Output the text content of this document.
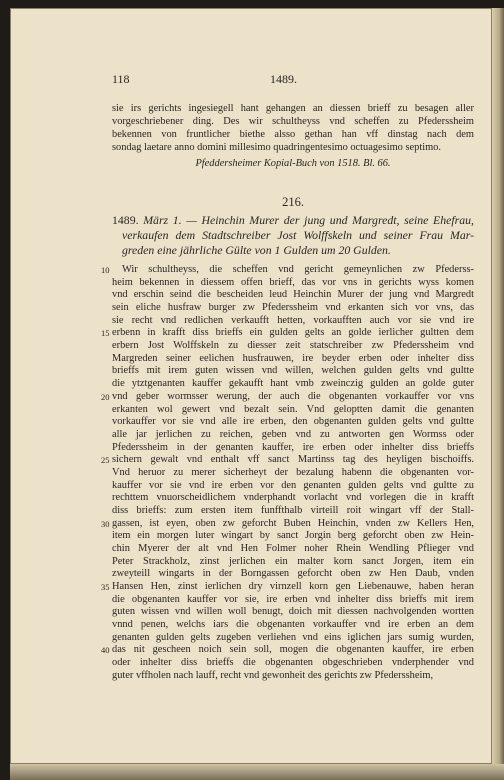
118	1489.
sie irs gerichts ingesiegell hant gehangen an diessen brieff zu besagen aller
vorgeschriebener ding. Des wir schultheyss vnd scheffen zu Pfederssheim
bekennen von fruntlicher biethe alsso gethan han vff dinstag nach dem
sondag laetare anno domini millesimo quadringentesimo octuagesimo septimo.
Pfeddersheimer Kopial-Buch von 1518. Bl. 66.
216.
1489. März 1. — Heinchin Murer der jung und Margredt, seine Ehefrau,
verkaufen dem Stadtschreiber Jost Wolffskeln und seiner Frau Mar-
greden eine jährliche Gülte von 1 Gulden um 20 Gulden.
Wir schultheyss, die scheffen vnd gericht gemeynlichen zw Pfederss-
10
heim bekennen in diessem offen brieff, das vor vns in gerichts wyss komen
vnd erschin seind die bescheiden leud Heinchin Murer der jung vnd Margredt
sein eliche husfraw burger zw Pfederssheim vnd erkanten sich vor vns, das
sie recht vnd redlichen verkaufft hetten, vorkaufften auch vor sie vnd ire
erbenn in krafft diss brieffs ein gulden gelts an golde ierlicher gultten dem
15
erbern Jost Wolffskeln zu diesser zeit statschreiber zw Pfederssheim vnd
Margreden seiner eelichen husfrauwen, ire beyder erben oder inhelter diss
brieffs mit irem guten wissen vnd willen, welchen gulden gelts vnd gultte
die ytztgenanten kauffer gekaufft hant vmb zweinczig gulden an golde guter
vnd geber wormsser werung, der auch die obgenanten vorkauffer vor vns
20
erkanten wol gewert vnd bezalt sein. Vnd geloptten damit die genanten
vorkauffer vor sie vnd alle ire erben, den obgenanten gulden gelts vnd gultte
alle jar jerlichen zu reichen, geben vnd zu antworten gen Wormss oder
Pfederssheim in der genanten kauffer, ire erben oder inhelter diss brieffs
sichern gewalt vnd enthalt vff sanct Martinss tag des heyligen bischoiffs.
25
Vnd heruor zu merer sicherheyt der bezalung habenn die obgenanten vor-
kauffer vor sie vnd ire erben vor den genanten gulden gelts vnd gultte zu
rechttem vnuorscheidlichem vnderphandt vorlacht vnd vorlegen die in krafft
diss brieffs: zum ersten item funffthalb virteill roit wingart vff der Stall-
gassen, ist eyen, oben zw geforcht Buben Heinchin, vnden zw Kellers Hen,
30
item ein morgen luter wingart by sanct Jorgin berg geforcht oben zw Hein-
chin Myerer der alt vnd Hen Folmer noher Rhein Wendling Pflieger vnd
Peter Strackholz, zinst jerlichen ein malter korn sanct Jorgen, item ein
zweyteill wingarts in der Borngassen geforcht oben zw Hen Daub, vnden
Hansen Hen, zinst ierlichen dry virnzell korn gen Liebenauwe, haben heran
35
die obgenanten kauffer vor sie, ire erben vnd inhelter diss brieffs mit irem
guten wissen vnd willen woll benugt, doich mit diessen nachvolgenden wortten
vnnd penen, welchs iars die obgenanten vorkauffer vnd ire erben an dem
genanten gulden gelts zugeben verliehen vnd eins iglichen jars sumig wurden,
das nit gescheen noich sein soll, mogen die obgenanten kauffer, ire erben
40
oder inhelter diss brieffs die obgenanten obgeschrieben vnderphender vnd
guter vffholen nach lauff, recht vnd gewonheit des gerichts zw Pfederssheim,
